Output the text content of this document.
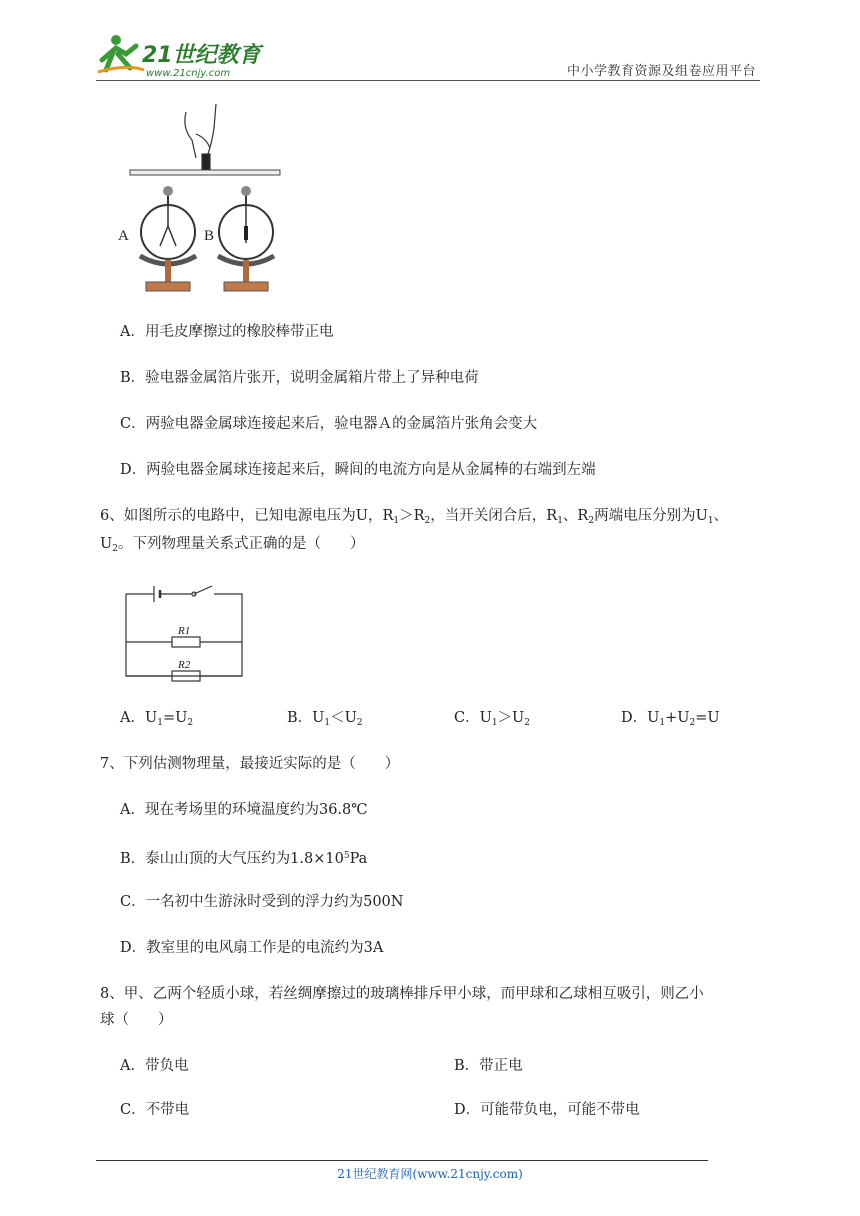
21世纪教育
www.21cnjy.com	中小学教育资源及组卷应用平台
A	B
A．用毛皮摩擦过的橡胶棒带正电
B．验电器金属箔片张开，说明金属箱片带上了异种电荷
C．两验电器金属球连接起来后，验电器Ａ的金属箔片张角会变大
D．两验电器金属球连接起来后，瞬间的电流方向是从金属棒的右端到左端
6、如图所示的电路中，已知电源电压为U，$R_1>R_2$，当开关闭合后，$R_1$、$R_2$两端电压分别为$U_1$、
$U_2$。下列物理量关系式正确的是（　　）
R1
R2
A．$U_1=U_2$	B．$U_1<U_2$	C．$U_1>U_2$	D．$U_1+U_2=U$
7、下列估测物理量，最接近实际的是（　　）
A．现在考场里的环境温度约为36.8℃
B．泰山山顶的大气压约为$1.8\times 10^5Pa$
C．一名初中生游泳时受到的浮力约为500N
D．教室里的电风扇工作是的电流约为3A
8、甲、乙两个轻质小球，若丝绸摩擦过的玻璃棒排斥甲小球，而甲球和乙球相互吸引，则乙小
球（　　）
A．带负电	B．带正电
C．不带电	D．可能带负电，可能不带电
21世纪教育网(www.21cnjy.com)
